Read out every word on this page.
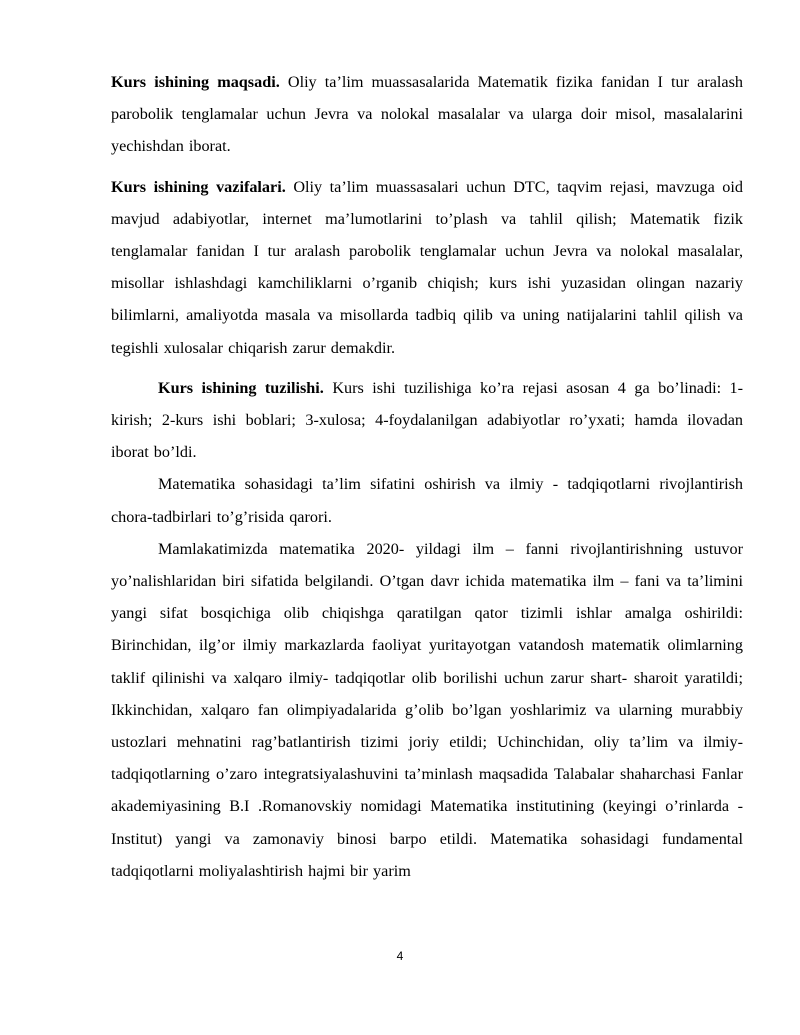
Kurs ishining maqsadi. Oliy ta’lim muassasalarida Matematik fizika fanidan I tur aralash parobolik tenglamalar uchun Jevra va nolokal masalalar va ularga doir misol, masalalarini yechishdan iborat.

Kurs ishining vazifalari. Oliy ta’lim muassasalari uchun DTC, taqvim rejasi, mavzuga oid mavjud adabiyotlar, internet ma’lumotlarini to’plash va tahlil qilish; Matematik fizik tenglamalar fanidan I tur aralash parobolik tenglamalar uchun Jevra va nolokal masalalar, misollar ishlashdagi kamchiliklarni o’rganib chiqish; kurs ishi yuzasidan olingan nazariy bilimlarni, amaliyotda masala va misollarda tadbiq qilib va uning natijalarini tahlil qilish va tegishli xulosalar chiqarish zarur demakdir.

Kurs ishining tuzilishi. Kurs ishi tuzilishiga ko’ra rejasi asosan 4 ga bo’linadi: 1-kirish; 2-kurs ishi boblari; 3-xulosa; 4-foydalanilgan adabiyotlar ro’yxati; hamda ilovadan iborat bo’ldi.

Matematika sohasidagi ta’lim sifatini oshirish va ilmiy - tadqiqotlarni rivojlantirish chora-tadbirlari to’g’risida qarori.

Mamlakatimizda matematika 2020- yildagi ilm – fanni rivojlantirishning ustuvor yo’nalishlaridan biri sifatida belgilandi. O’tgan davr ichida matematika ilm – fani va ta’limini yangi sifat bosqichiga olib chiqishga qaratilgan qator tizimli ishlar amalga oshirildi: Birinchidan, ilg’or ilmiy markazlarda faoliyat yuritayotgan vatandosh matematik olimlarning taklif qilinishi va xalqaro ilmiy- tadqiqotlar olib borilishi uchun zarur shart- sharoit yaratildi; Ikkinchidan, xalqaro fan olimpiyadalarida g’olib bo’lgan yoshlarimiz va ularning murabbiy ustozlari mehnatini rag’batlantirish tizimi joriy etildi; Uchinchidan, oliy ta’lim va ilmiy-tadqiqotlarning o’zaro integratsiyalashuvini ta’minlash maqsadida Talabalar shaharchasi Fanlar akademiyasining B.I .Romanovskiy nomidagi Matematika institutining (keyingi o’rinlarda - Institut) yangi va zamonaviy binosi barpo etildi. Matematika sohasidagi fundamental tadqiqotlarni moliyalashtirish hajmi bir yarim

4
